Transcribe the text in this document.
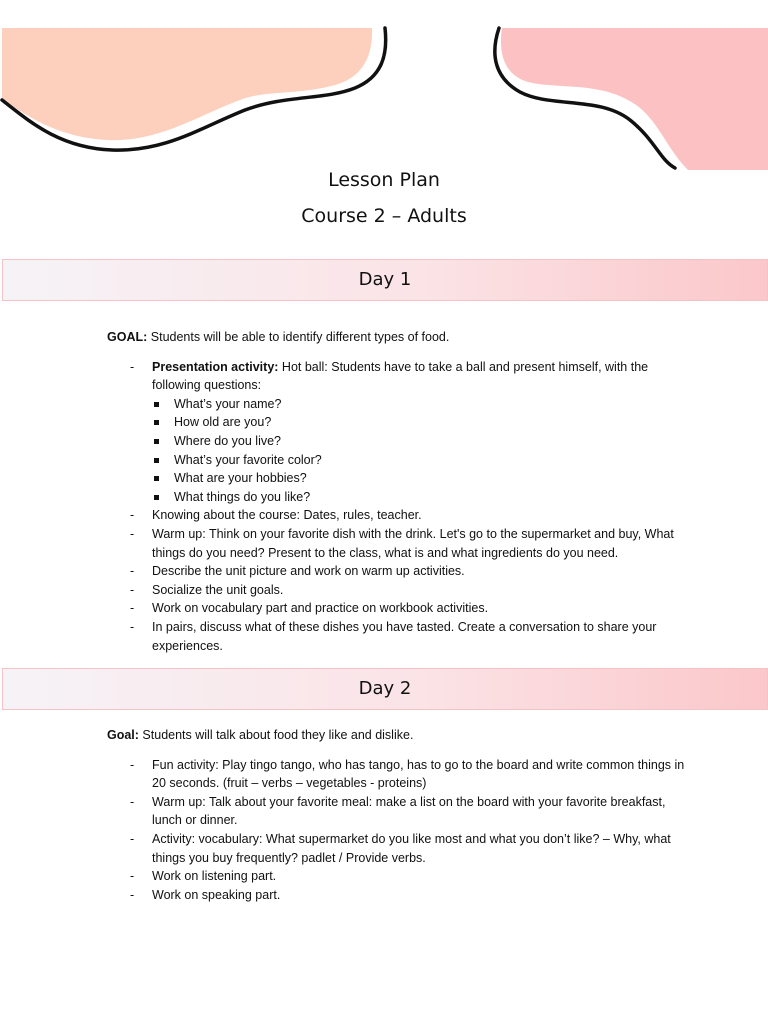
Lesson Plan
Course 2 – Adults
Day 1

GOAL: Students will be able to identify different types of food.

- Presentation activity: Hot ball: Students have to take a ball and present himself, with the following questions:
What’s your name?
How old are you?
Where do you live?
What’s your favorite color?
What are your hobbies?
What things do you like?
- Knowing about the course: Dates, rules, teacher.
- Warm up: Think on your favorite dish with the drink. Let's go to the supermarket and buy, What things do you need? Present to the class, what is and what ingredients do you need.
- Describe the unit picture and work on warm up activities.
- Socialize the unit goals.
- Work on vocabulary part and practice on workbook activities.
- In pairs, discuss what of these dishes you have tasted. Create a conversation to share your experiences.
Day 2

Goal: Students will talk about food they like and dislike.

- Fun activity: Play tingo tango, who has tango, has to go to the board and write common things in 20 seconds. (fruit – verbs – vegetables - proteins)
- Warm up: Talk about your favorite meal: make a list on the board with your favorite breakfast, lunch or dinner.
- Activity: vocabulary: What supermarket do you like most and what you don’t like? – Why, what things you buy frequently? padlet / Provide verbs.
- Work on listening part.
- Work on speaking part.
